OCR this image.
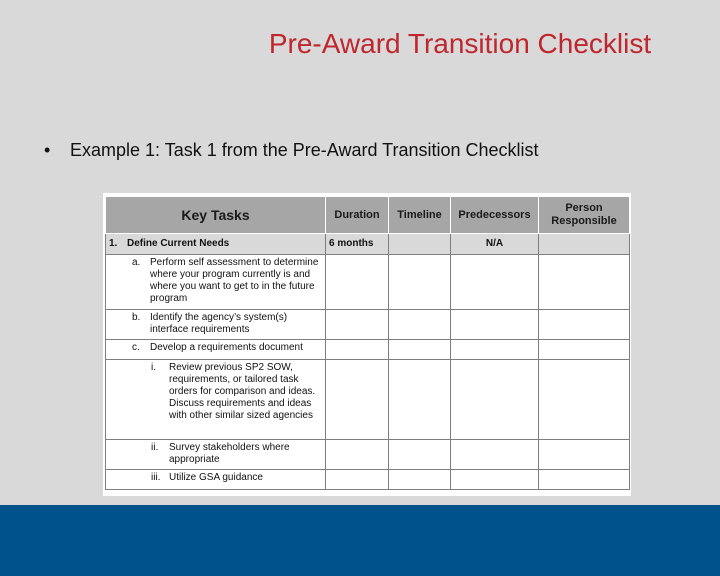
Pre-Award Transition Checklist
• Example 1: Task 1 from the Pre-Award Transition Checklist
Key Tasks	Duration	Timeline	Predecessors	Person Responsible
1. Define Current Needs	6 months		N/A	

a. Perform self assessment to determine where your program currently is and where you want to get to in the future program				

b. Identify the agency’s system(s) interface requirements				

c. Develop a requirements document				

i. Review previous SP2 SOW, requirements, or tailored task orders for comparison and ideas. Discuss requirements and ideas with other similar sized agencies				

ii. Survey stakeholders where appropriate				

iii. Utilize GSA guidance				
